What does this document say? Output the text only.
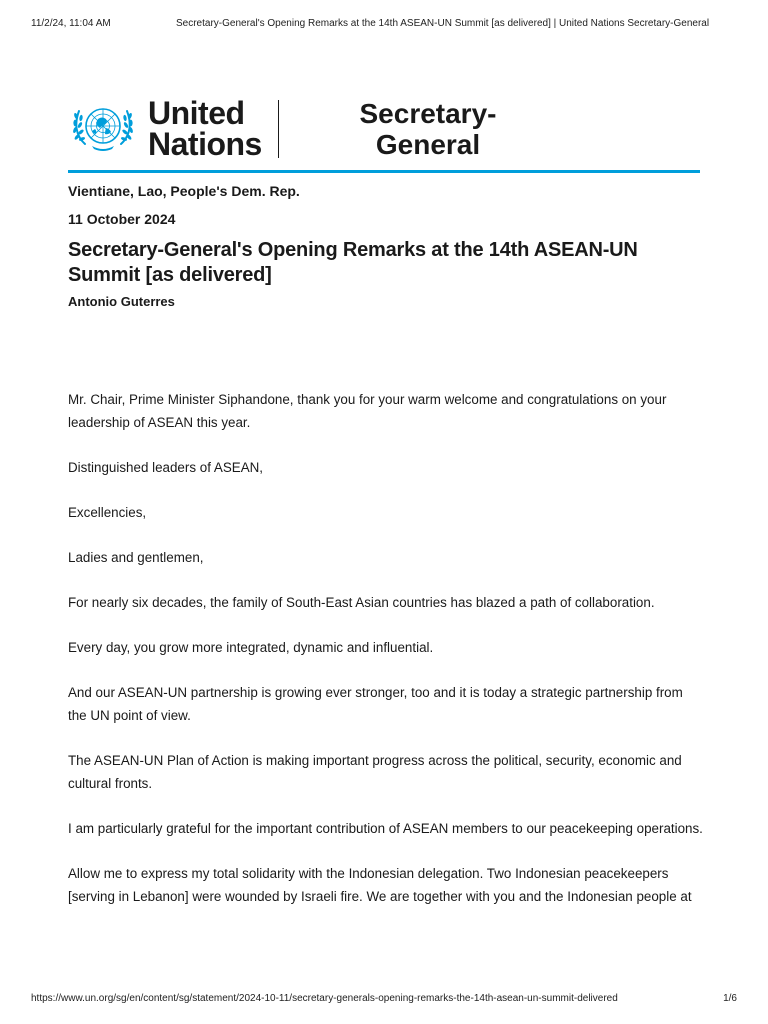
11/2/24, 11:04 AM	Secretary-General's Opening Remarks at the 14th ASEAN-UN Summit [as delivered] | United Nations Secretary-General
United
Nations
Secretary-
General
Vientiane, Lao, People's Dem. Rep.
11 October 2024
Secretary-General's Opening Remarks at the 14th ASEAN-UN Summit [as delivered]
Antonio Guterres

Mr. Chair, Prime Minister Siphandone, thank you for your warm welcome and congratulations on your leadership of ASEAN this year.

Distinguished leaders of ASEAN,

Excellencies,

Ladies and gentlemen,

For nearly six decades, the family of South-East Asian countries has blazed a path of collaboration.

Every day, you grow more integrated, dynamic and influential.

And our ASEAN-UN partnership is growing ever stronger, too and it is today a strategic partnership from the UN point of view.

The ASEAN-UN Plan of Action is making important progress across the political, security, economic and cultural fronts.

I am particularly grateful for the important contribution of ASEAN members to our peacekeeping operations.

Allow me to express my total solidarity with the Indonesian delegation. Two Indonesian peacekeepers [serving in Lebanon] were wounded by Israeli fire. We are together with you and the Indonesian people at

https://www.un.org/sg/en/content/sg/statement/2024-10-11/secretary-generals-opening-remarks-the-14th-asean-un-summit-delivered	1/6
